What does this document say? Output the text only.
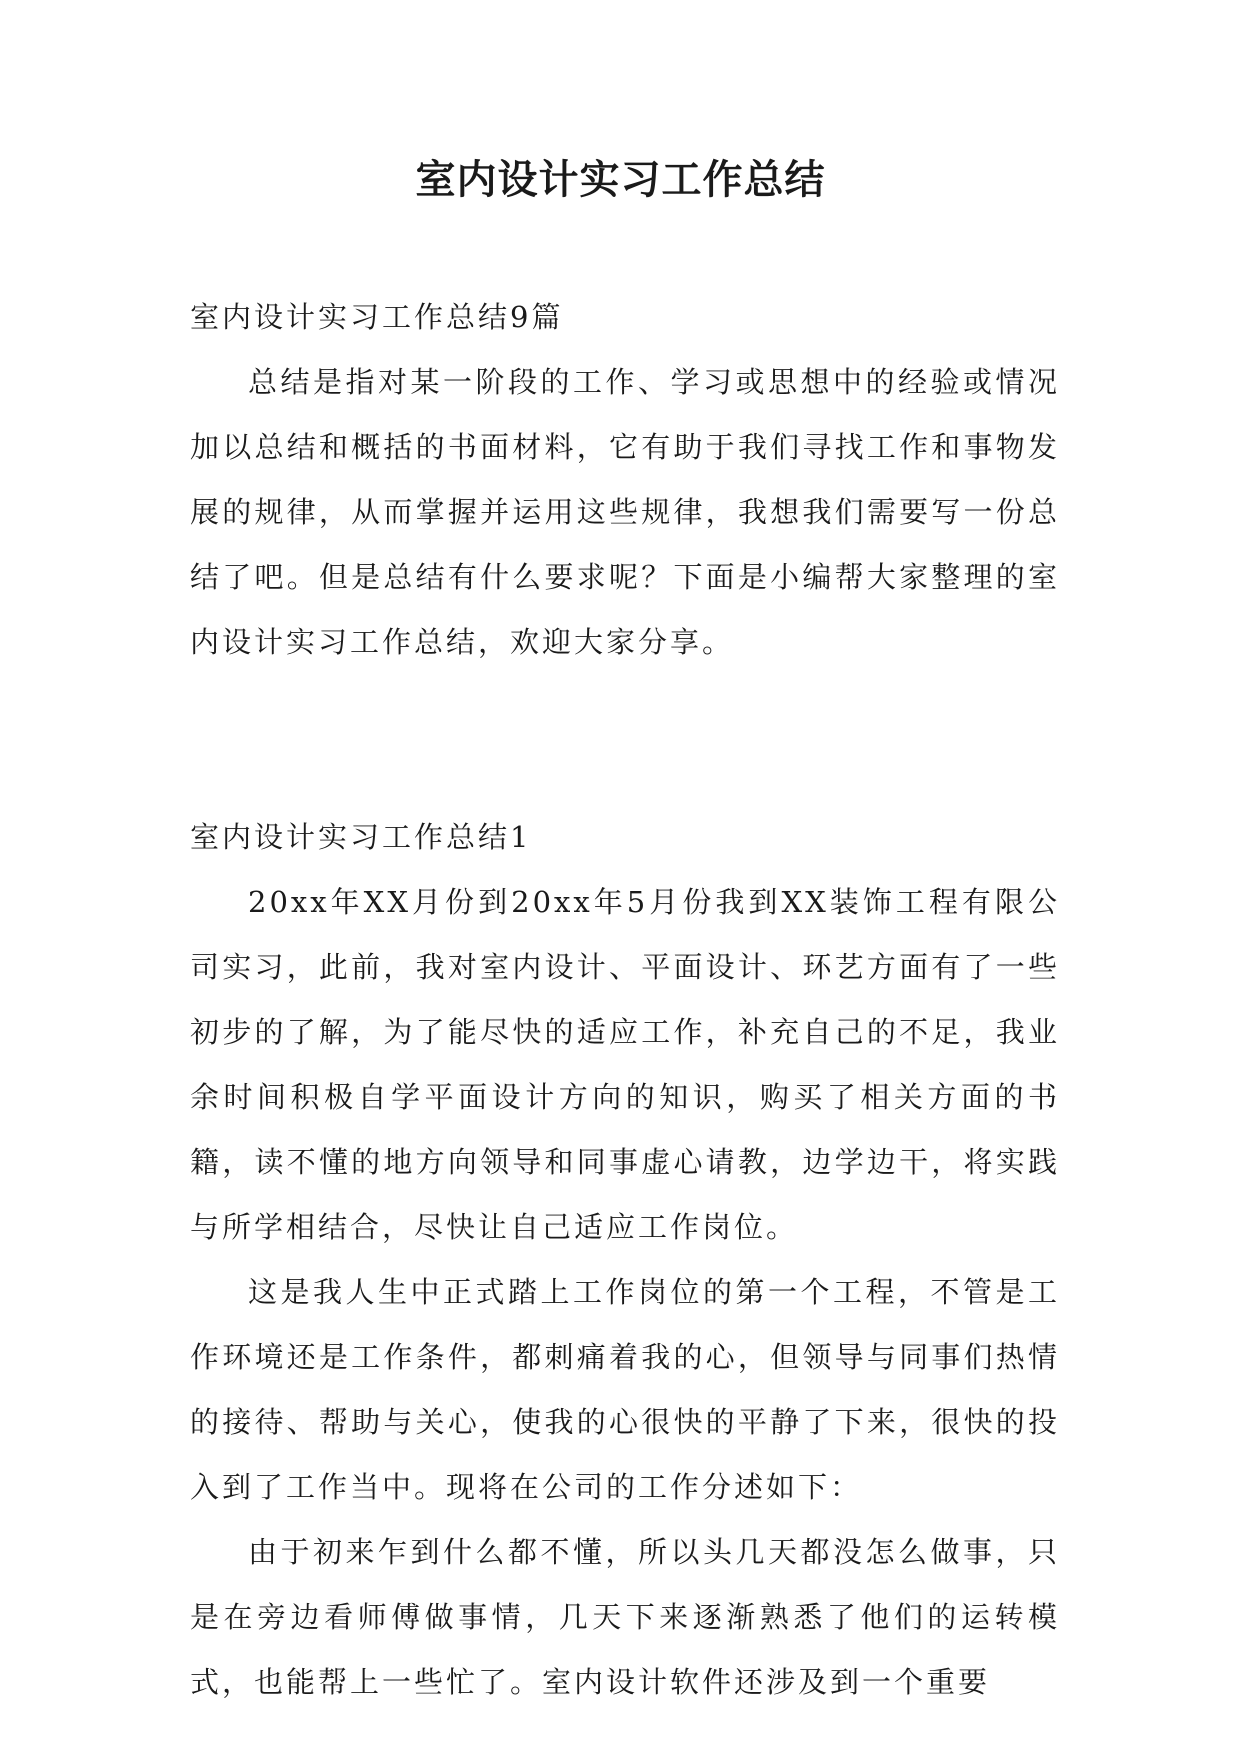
室内设计实习工作总结

室内设计实习工作总结9篇

总结是指对某一阶段的工作、学习或思想中的经验或情况加以总结和概括的书面材料，它有助于我们寻找工作和事物发展的规律，从而掌握并运用这些规律，我想我们需要写一份总结了吧。但是总结有什么要求呢？下面是小编帮大家整理的室内设计实习工作总结，欢迎大家分享。

室内设计实习工作总结1

20xx年XX月份到20xx年5月份我到XX装饰工程有限公司实习，此前，我对室内设计、平面设计、环艺方面有了一些初步的了解，为了能尽快的适应工作，补充自己的不足，我业余时间积极自学平面设计方向的知识，购买了相关方面的书籍，读不懂的地方向领导和同事虚心请教，边学边干，将实践与所学相结合，尽快让自己适应工作岗位。

这是我人生中正式踏上工作岗位的第一个工程，不管是工作环境还是工作条件，都刺痛着我的心，但领导与同事们热情的接待、帮助与关心，使我的心很快的平静了下来，很快的投入到了工作当中。现将在公司的工作分述如下：

由于初来乍到什么都不懂，所以头几天都没怎么做事，只是在旁边看师傅做事情，几天下来逐渐熟悉了他们的运转模式，也能帮上一些忙了。室内设计软件还涉及到一个重要
